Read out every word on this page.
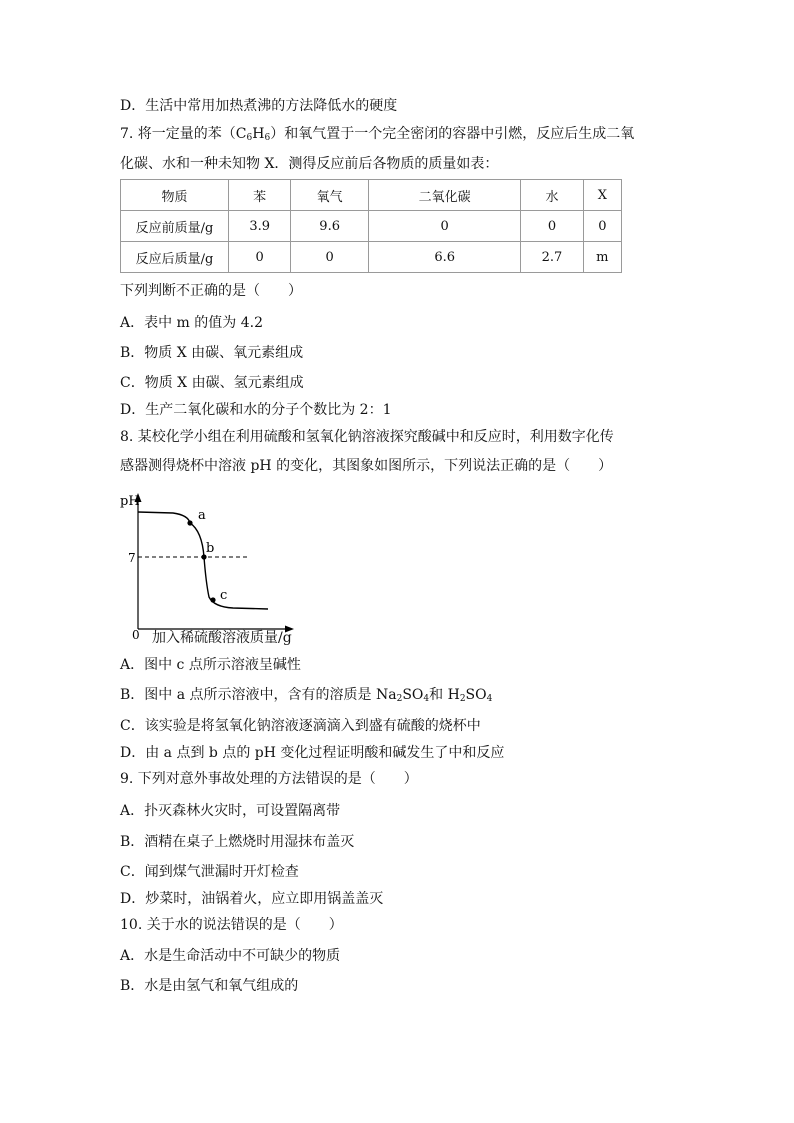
D．生活中常用加热煮沸的方法降低水的硬度
7. 将一定量的苯$(C_6H_6)$和氧气置于一个完全密闭的容器中引燃，反应后生成二氧
化碳、水和一种未知物 X．测得反应前后各物质的质量如表：
物质	苯	氧气	二氧化碳	水	X
反应前质量/g	3.9	9.6	0	0	0
反应后质量/g	0	0	6.6	2.7	m
下列判断不正确的是（　　）
A．表中 m 的值为 4.2
B．物质 X 由碳、氧元素组成
C．物质 X 由碳、氢元素组成
D．生产二氧化碳和水的分子个数比为 2：1
8. 某校化学小组在利用硫酸和氢氧化钠溶液探究酸碱中和反应时，利用数字化传
感器测得烧杯中溶液 pH 的变化，其图象如图所示，下列说法正确的是（　　）
pH
0
7
a
b
c
加入稀硫酸溶液质量/g
A．图中 c 点所示溶液呈碱性
B．图中 a 点所示溶液中，含有的溶质是 $Na_2SO_4$和 $H_2SO_4$
C．该实验是将氢氧化钠溶液逐滴滴入到盛有硫酸的烧杯中
D．由 a 点到 b 点的 pH 变化过程证明酸和碱发生了中和反应
9. 下列对意外事故处理的方法错误的是（　　）
A．扑灭森林火灾时，可设置隔离带
B．酒精在桌子上燃烧时用湿抹布盖灭
C．闻到煤气泄漏时开灯检查
D．炒菜时，油锅着火，应立即用锅盖盖灭
10. 关于水的说法错误的是（　　）
A．水是生命活动中不可缺少的物质
B．水是由氢气和氧气组成的
